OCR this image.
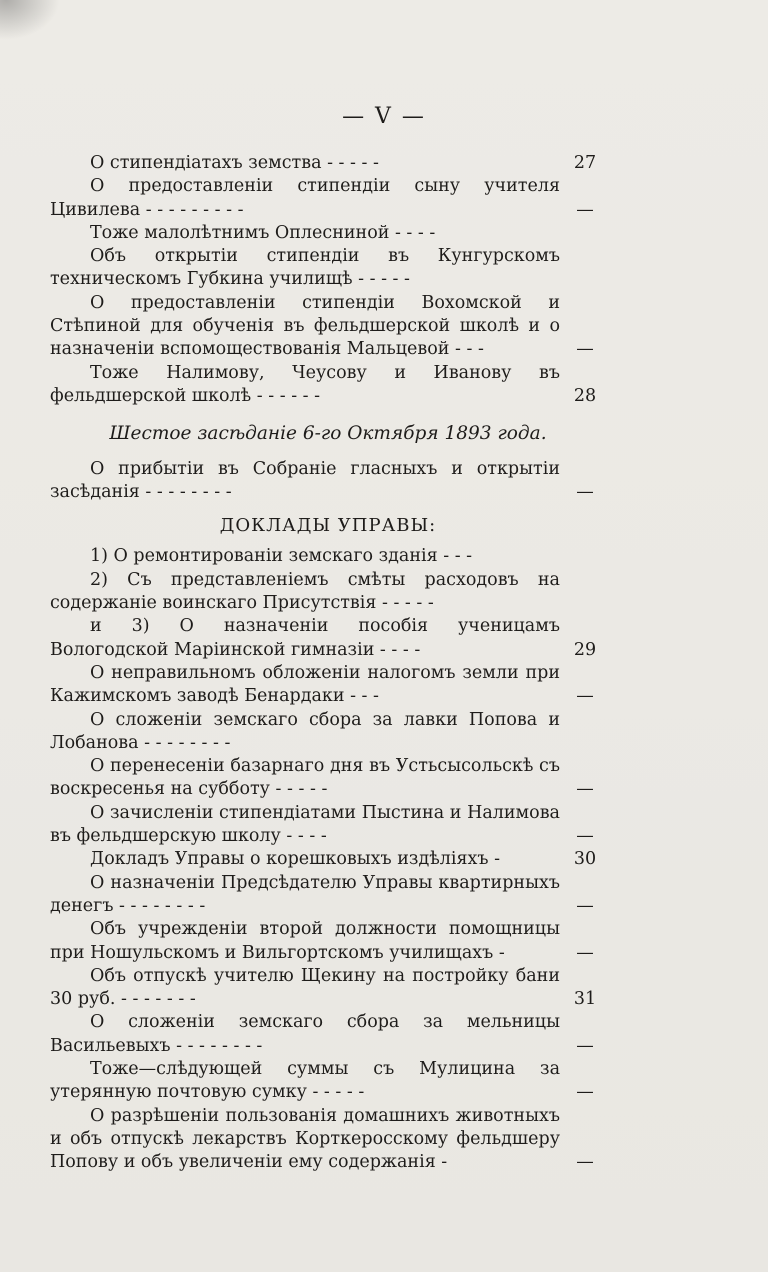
— V —
О стипендіатахъ земства - - - - -	27
О предоставленіи стипендіи сыну учителя Цивилева - - - - - - - - -	—
Тоже малолѣтнимъ Оплесниной - - - -
Объ открытіи стипендіи въ Кунгурскомъ техническомъ Губкина училищѣ - - - - -
О предоставленіи стипендіи Вохомской и Стѣпиной для обученія въ фельдшерской школѣ и о назначеніи вспомоществованія Мальцевой - - -	—
Тоже Налимову, Чеусову и Иванову въ фельдшерской школѣ - - - - - -	28
Шестое засѣданіе 6-го Октября 1893 года.
О прибытіи въ Собраніе гласныхъ и открытіи засѣданія - - - - - - - -	—
ДОКЛАДЫ УПРАВЫ:
1) О ремонтированіи земскаго зданія - - -
2) Съ представленіемъ смѣты расходовъ на содержаніе воинскаго Присутствія - - - - -
и 3) О назначеніи пособія ученицамъ Вологодской Маріинской гимназіи - - - -	29
О неправильномъ обложеніи налогомъ земли при Кажимскомъ заводѣ Бенардаки - - -	—
О сложеніи земскаго сбора за лавки Попова и Лобанова - - - - - - - -
О перенесеніи базарнаго дня въ Устьсысольскѣ съ воскресенья на субботу - - - - -	—
О зачисленіи стипендіатами Пыстина и Налимова въ фельдшерскую школу - - - -	—
Докладъ Управы о корешковыхъ издѣліяхъ -	30
О назначеніи Предсѣдателю Управы квартирныхъ денегъ - - - - - - - -	—
Объ учрежденіи второй должности помощницы при Ношульскомъ и Вильгортскомъ училищахъ -	—
Объ отпускѣ учителю Щекину на постройку бани 30 руб. - - - - - - -	31
О сложеніи земскаго сбора за мельницы Васильевыхъ - - - - - - - -	—
Тоже—слѣдующей суммы съ Мулицина за утерянную почтовую сумку - - - - -	—
О разрѣшеніи пользованія домашнихъ животныхъ и объ отпускѣ лекарствъ Корткеросскому фельдшеру Попову и объ увеличеніи ему содержанія -	—
